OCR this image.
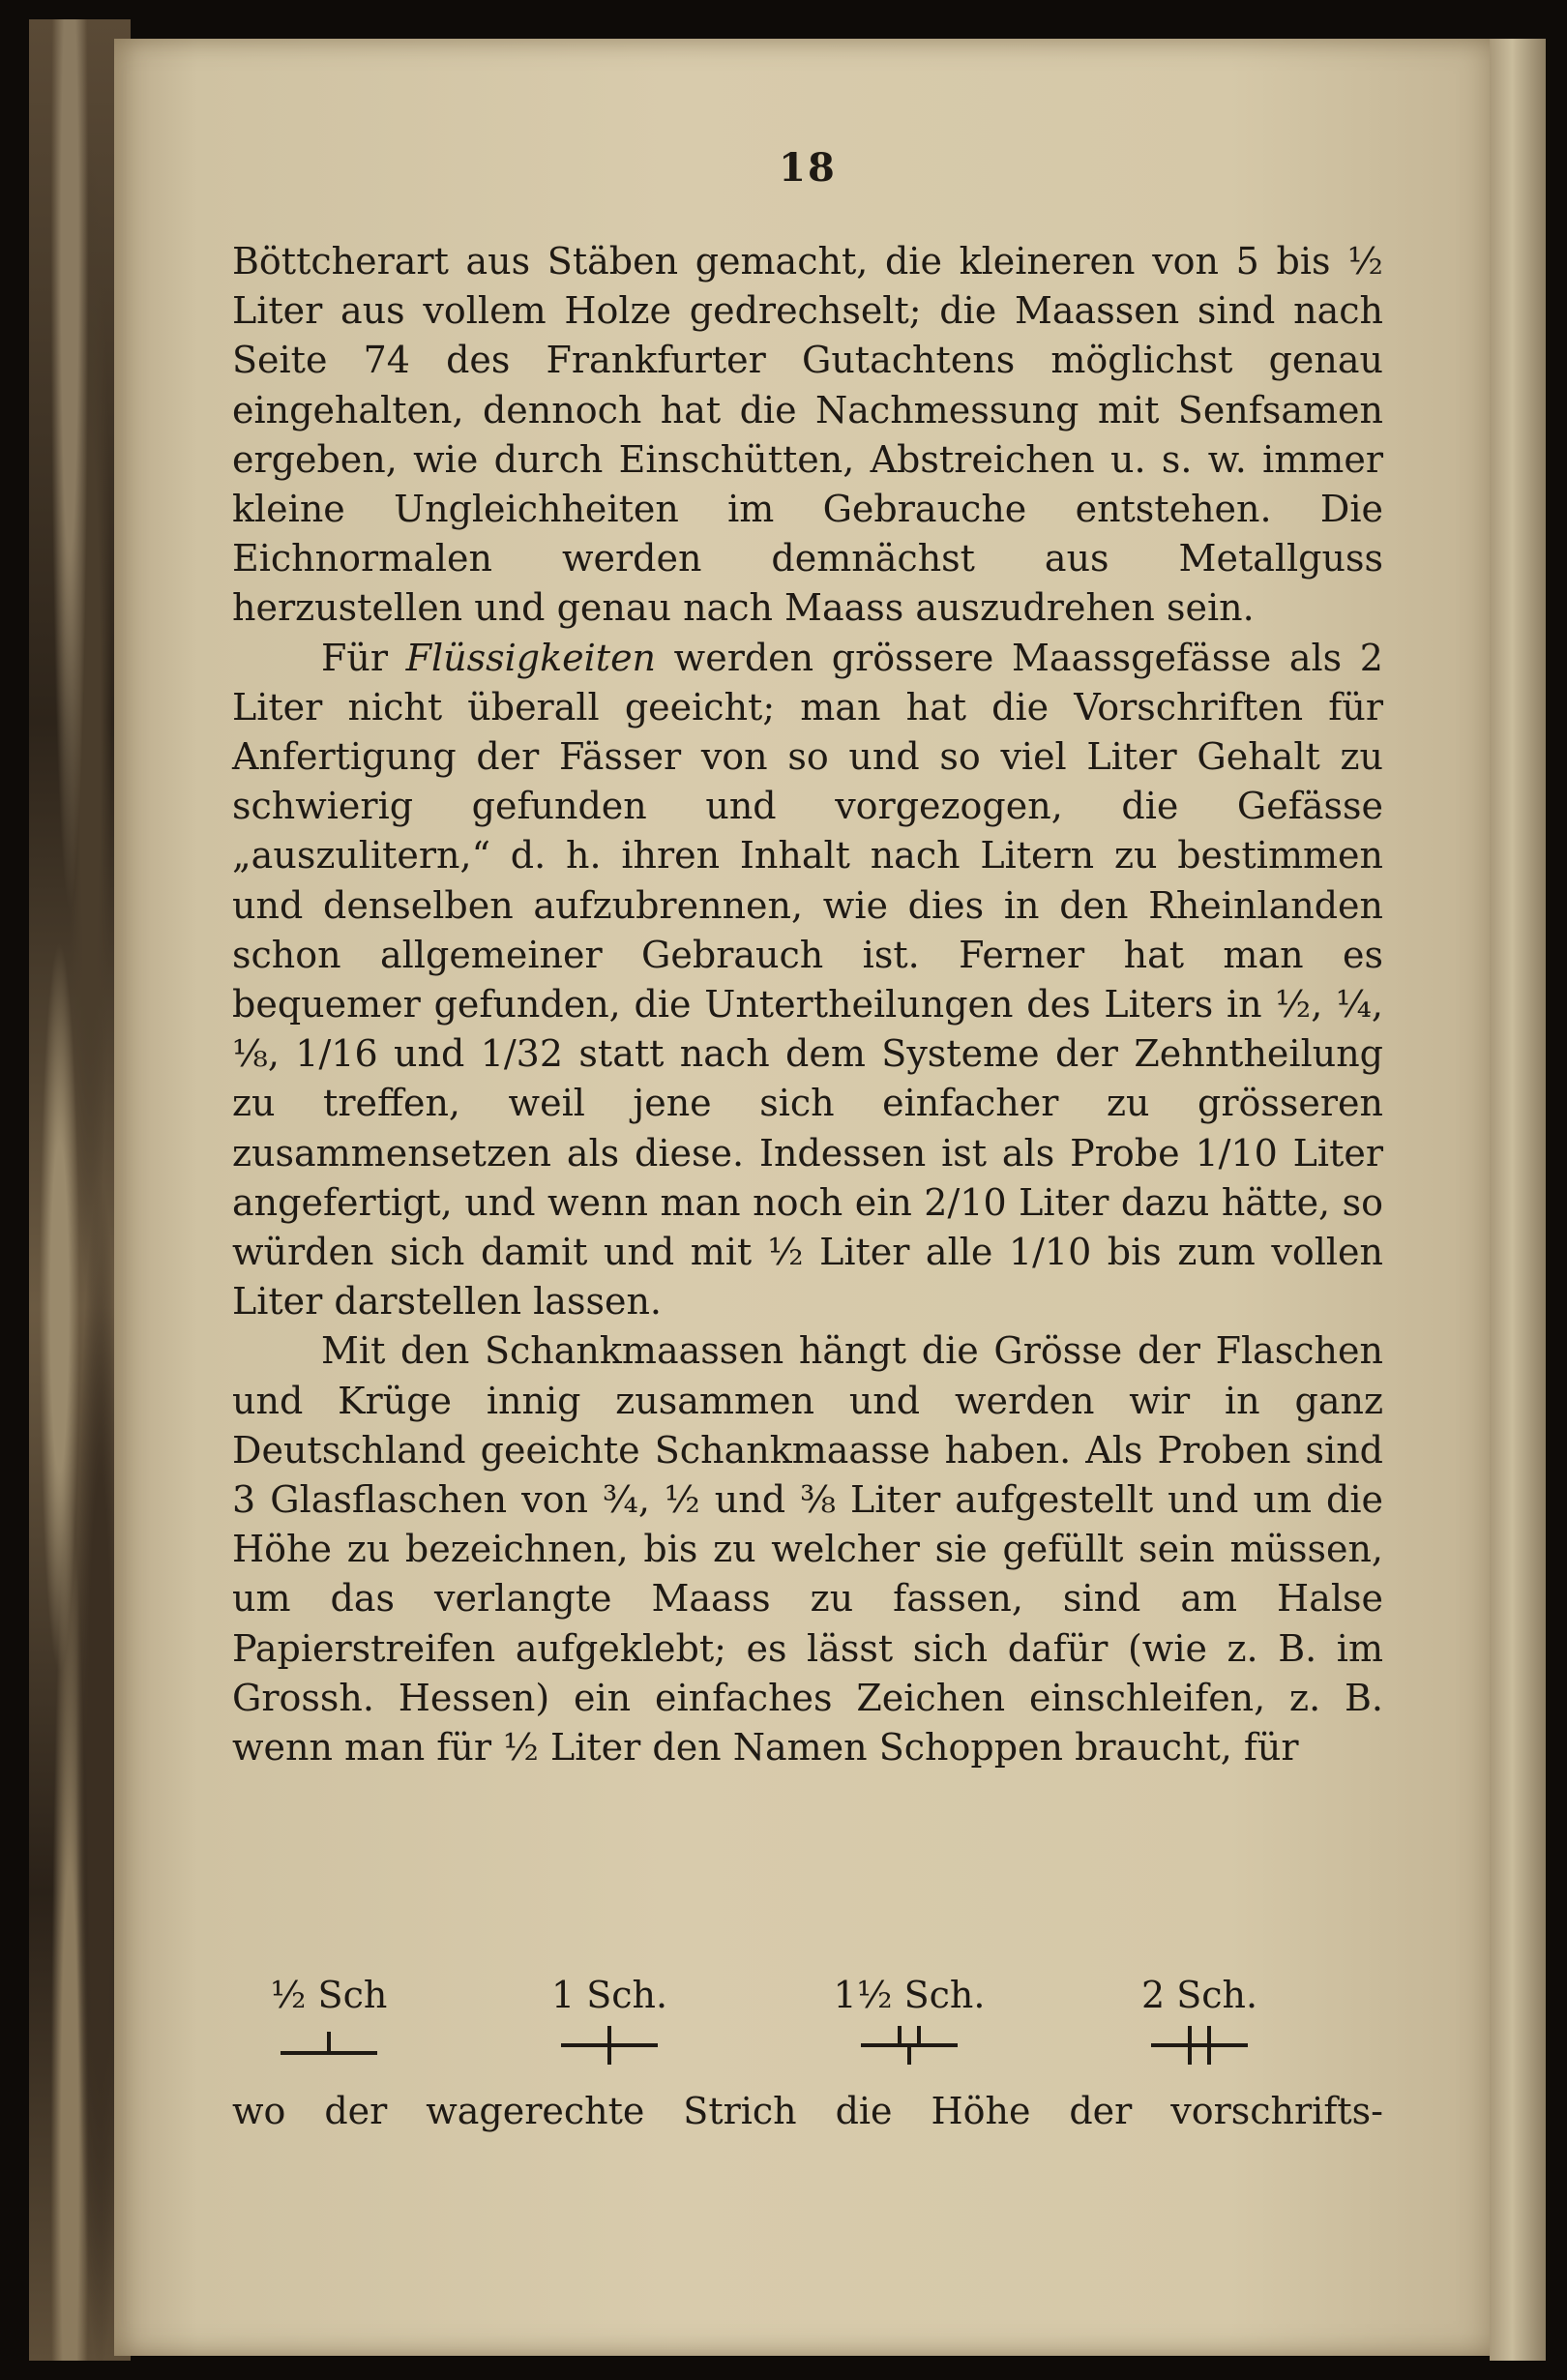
18

Böttcherart aus Stäben gemacht, die kleineren von 5 bis ½ Liter aus vollem Holze gedrechselt; die Maassen sind nach Seite 74 des Frankfurter Gutachtens möglichst genau eingehalten, dennoch hat die Nachmessung mit Senfsamen ergeben, wie durch Einschütten, Abstreichen u. s. w. immer kleine Ungleichheiten im Gebrauche entstehen. Die Eichnormalen werden demnächst aus Metallguss herzustellen und genau nach Maass auszudrehen sein.

Für Flüssigkeiten werden grössere Maassgefässe als 2 Liter nicht überall geeicht; man hat die Vorschriften für Anfertigung der Fässer von so und so viel Liter Gehalt zu schwierig gefunden und vorgezogen, die Gefässe „auszulitern,“ d. h. ihren Inhalt nach Litern zu bestimmen und denselben aufzubrennen, wie dies in den Rheinlanden schon allgemeiner Gebrauch ist. Ferner hat man es bequemer gefunden, die Untertheilungen des Liters in ½, ¼, ⅛, 1/16 und 1/32 statt nach dem Systeme der Zehntheilung zu treffen, weil jene sich einfacher zu grösseren zusammensetzen als diese. Indessen ist als Probe 1/10 Liter angefertigt, und wenn man noch ein 2/10 Liter dazu hätte, so würden sich damit und mit ½ Liter alle 1/10 bis zum vollen Liter darstellen lassen.

Mit den Schankmaassen hängt die Grösse der Flaschen und Krüge innig zusammen und werden wir in ganz Deutschland geeichte Schankmaasse haben. Als Proben sind 3 Glasflaschen von ¾, ½ und ⅜ Liter aufgestellt und um die Höhe zu bezeichnen, bis zu welcher sie gefüllt sein müssen, um das verlangte Maass zu fassen, sind am Halse Papierstreifen aufgeklebt; es lässt sich dafür (wie z. B. im Grossh. Hessen) ein einfaches Zeichen einschleifen, z. B. wenn man für ½ Liter den Namen Schoppen braucht, für

½ Sch	1 Sch.	1½ Sch.	2 Sch.
wo der wagerechte Strich die Höhe der vorschrifts-
